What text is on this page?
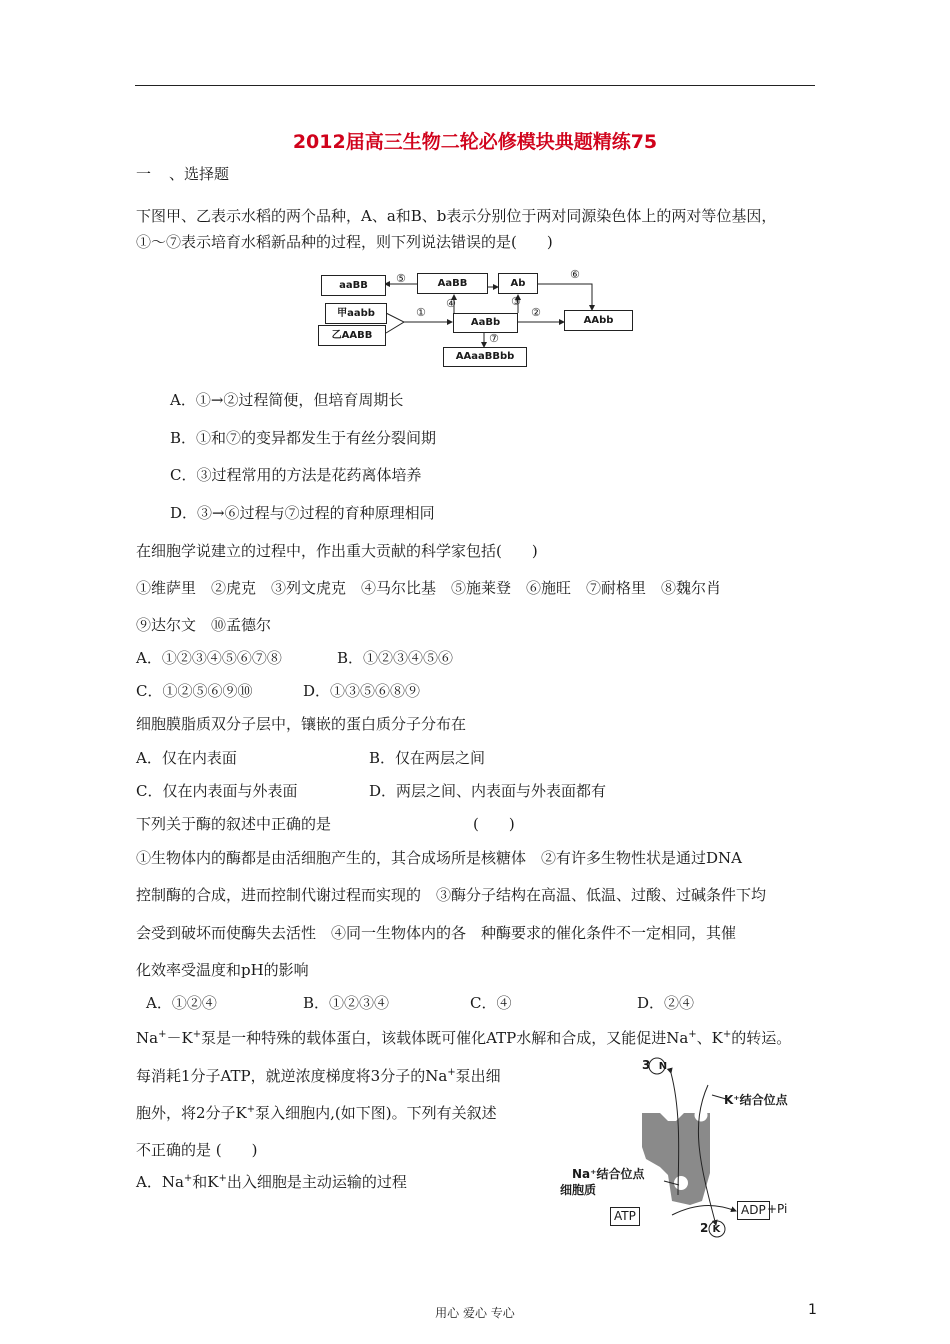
2012届高三生物二轮必修模块典题精练75
一 、选择题
下图甲、乙表示水稻的两个品种，A、a和B、b表示分别位于两对同源染色体上的两对等位基因，
①～⑦表示培育水稻新品种的过程，则下列说法错误的是(　　)
aaBB	AaBB	Ab
甲aabb
乙AABB
AaBb	AAbb
AAaaBBbb
⑤
④	③
⑥
①	②
⑦
A．①→②过程简便，但培育周期长
B．①和⑦的变异都发生于有丝分裂间期
C．③过程常用的方法是花药离体培养
D．③→⑥过程与⑦过程的育种原理相同
在细胞学说建立的过程中，作出重大贡献的科学家包括(　　)
①维萨里　②虎克　③列文虎克　④马尔比基　⑤施莱登　⑥施旺　⑦耐格里　⑧魏尔肖
⑨达尔文　⑩孟德尔
A．①②③④⑤⑥⑦⑧	B．①②③④⑤⑥
C．①②⑤⑥⑨⑩	D．①③⑤⑥⑧⑨
细胞膜脂质双分子层中，镶嵌的蛋白质分子分布在
A．仅在内表面	B．仅在两层之间
C．仅在内表面与外表面	D．两层之间、内表面与外表面都有
下列关于酶的叙述中正确的是	(　　)
①生物体内的酶都是由活细胞产生的，其合成场所是核糖体　②有许多生物性状是通过DNA
控制酶的合成，进而控制代谢过程而实现的　③酶分子结构在高温、低温、过酸、过碱条件下均
会受到破坏而使酶失去活性　④同一生物体内的各　种酶要求的催化条件不一定相同，其催
化效率受温度和pH的影响
A．①②④	B．①②③④	C．④	D．②④
Na+－K+泵是一种特殊的载体蛋白，该载体既可催化ATP水解和合成，又能促进Na+、K+的转运。
每消耗1分子ATP，就逆浓度梯度将3分子的Na+泵出细
胞外，将2分子K+泵入细胞内,(如下图)。下列有关叙述
不正确的是 (　　)
A．Na+和K+出入细胞是主动运输的过程
3 N
K⁺结合位点
Na⁺结合位点
细胞质
ATP	ADP +Pi
2 K
用心 爱心 专心	1
